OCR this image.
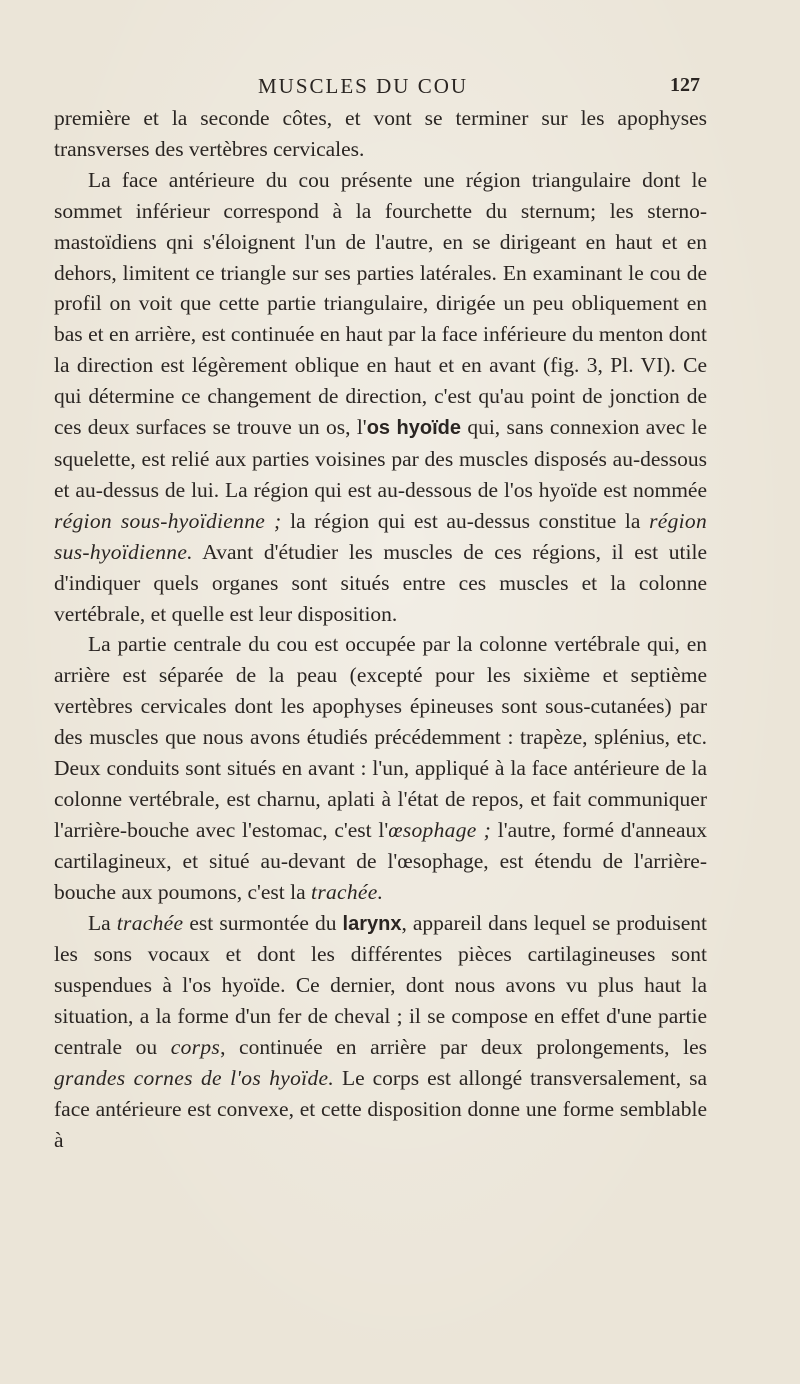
MUSCLES DU COU	127

première et la seconde côtes, et vont se terminer sur les apophyses transverses des vertèbres cervicales.

La face antérieure du cou présente une région triangulaire dont le sommet inférieur correspond à la fourchette du sternum; les sterno-mastoïdiens qni s'éloignent l'un de l'autre, en se dirigeant en haut et en dehors, limitent ce triangle sur ses parties latérales. En examinant le cou de profil on voit que cette partie triangulaire, dirigée un peu obliquement en bas et en arrière, est continuée en haut par la face inférieure du menton dont la direction est légèrement oblique en haut et en avant (fig. 3, Pl. VI). Ce qui détermine ce changement de direction, c'est qu'au point de jonction de ces deux surfaces se trouve un os, l'os hyoïde qui, sans connexion avec le squelette, est relié aux parties voisines par des muscles disposés au-dessous et au-dessus de lui. La région qui est au-dessous de l'os hyoïde est nommée région sous-hyoïdienne ; la région qui est au-dessus constitue la région sus-hyoïdienne. Avant d'étudier les muscles de ces régions, il est utile d'indiquer quels organes sont situés entre ces muscles et la colonne vertébrale, et quelle est leur disposition.

La partie centrale du cou est occupée par la colonne vertébrale qui, en arrière est séparée de la peau (excepté pour les sixième et septième vertèbres cervicales dont les apophyses épineuses sont sous-cutanées) par des muscles que nous avons étudiés précédemment : trapèze, splénius, etc. Deux conduits sont situés en avant : l'un, appliqué à la face antérieure de la colonne vertébrale, est charnu, aplati à l'état de repos, et fait communiquer l'arrière-bouche avec l'estomac, c'est l'œsophage ; l'autre, formé d'anneaux cartilagineux, et situé au-devant de l'œsophage, est étendu de l'arrière-bouche aux poumons, c'est la trachée.

La trachée est surmontée du larynx, appareil dans lequel se produisent les sons vocaux et dont les différentes pièces cartilagineuses sont suspendues à l'os hyoïde. Ce dernier, dont nous avons vu plus haut la situation, a la forme d'un fer de cheval ; il se compose en effet d'une partie centrale ou corps, continuée en arrière par deux prolongements, les grandes cornes de l'os hyoïde. Le corps est allongé transversalement, sa face antérieure est convexe, et cette disposition donne une forme semblable à
